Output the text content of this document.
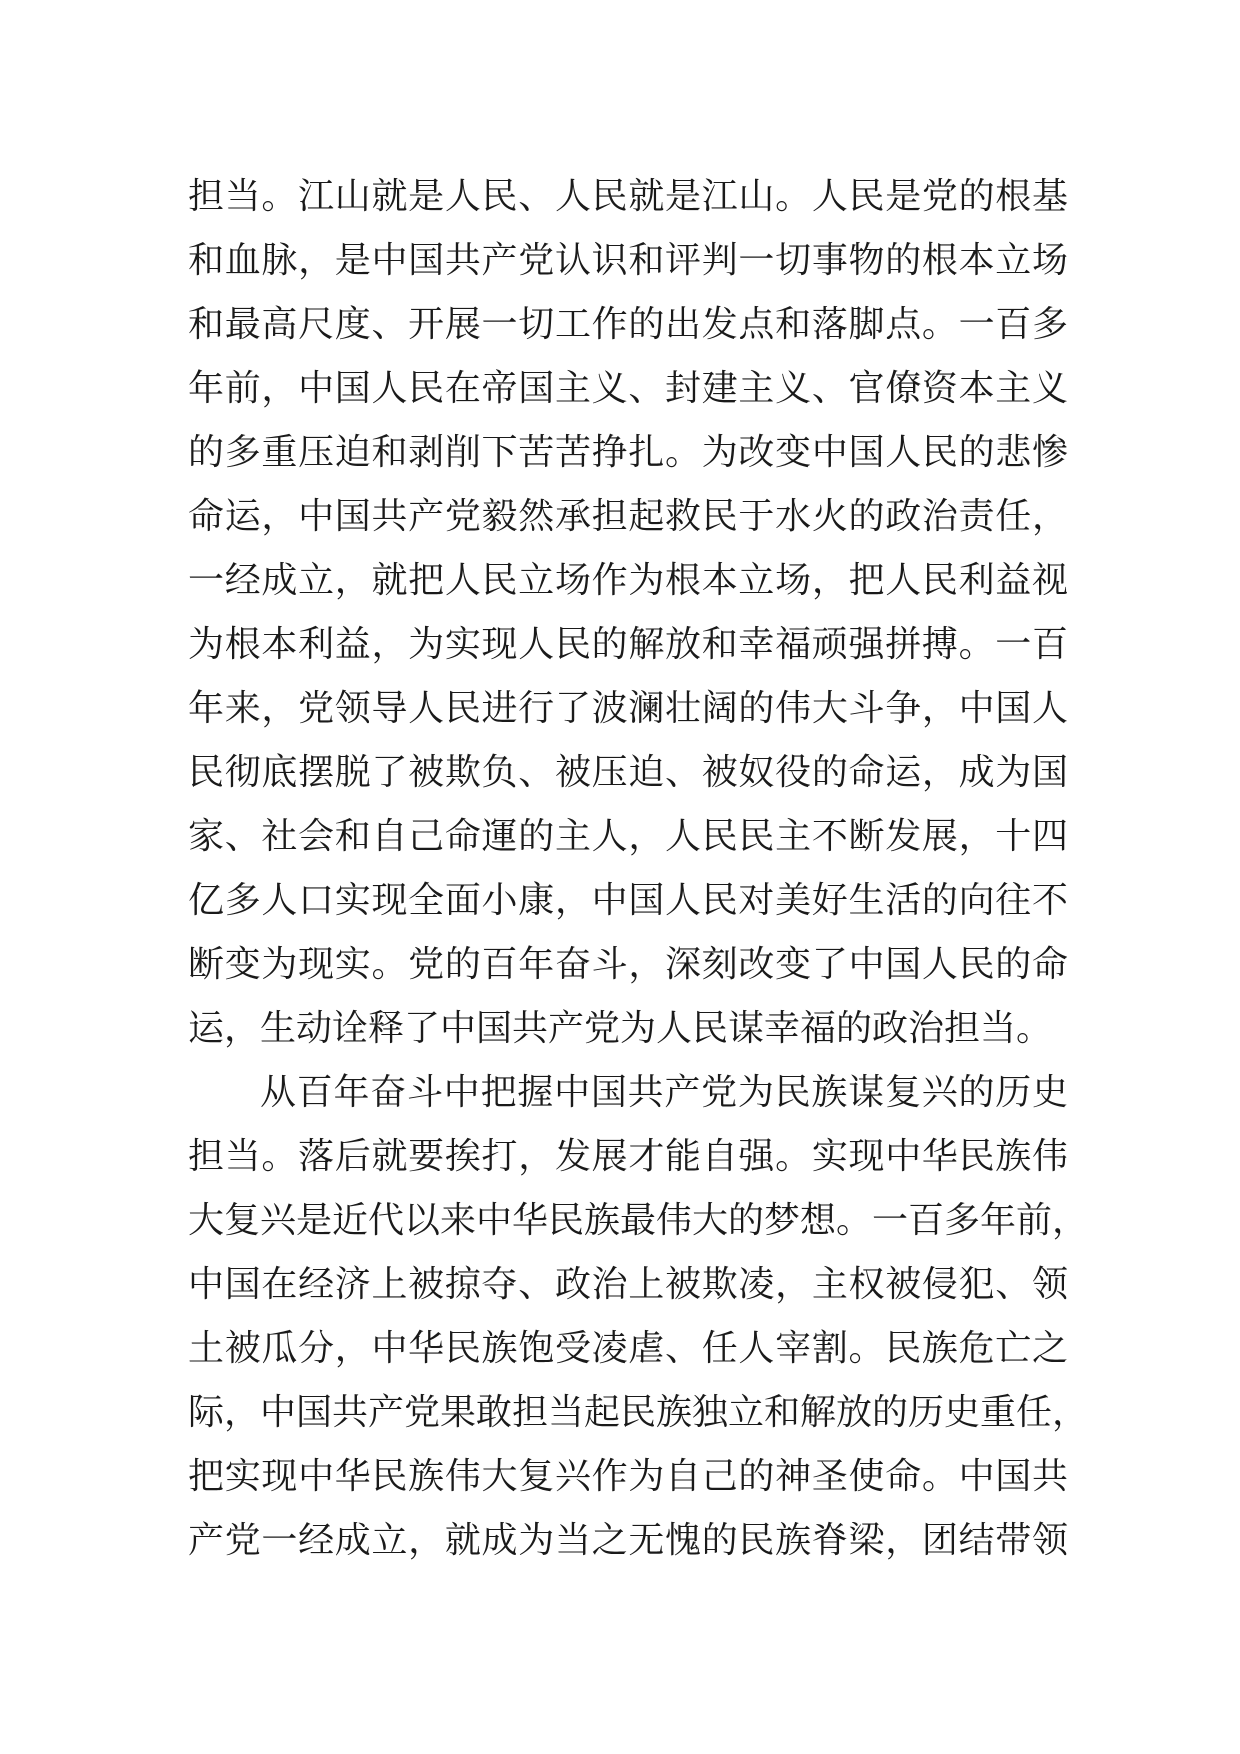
担当。江山就是人民、人民就是江山。人民是党的根基
和血脉，是中国共产党认识和评判一切事物的根本立场
和最高尺度、开展一切工作的出发点和落脚点。一百多
年前，中国人民在帝国主义、封建主义、官僚资本主义
的多重压迫和剥削下苦苦挣扎。为改变中国人民的悲惨
命运，中国共产党毅然承担起救民于水火的政治责任，
一经成立，就把人民立场作为根本立场，把人民利益视
为根本利益，为实现人民的解放和幸福顽强拼搏。一百
年来，党领导人民进行了波澜壮阔的伟大斗争，中国人
民彻底摆脱了被欺负、被压迫、被奴役的命运，成为国
家、社会和自己命運的主人，人民民主不断发展，十四
亿多人口实现全面小康，中国人民对美好生活的向往不
断变为现实。党的百年奋斗，深刻改变了中国人民的命
运，生动诠释了中国共产党为人民谋幸福的政治担当。
从百年奋斗中把握中国共产党为民族谋复兴的历史
担当。落后就要挨打，发展才能自强。实现中华民族伟
大复兴是近代以来中华民族最伟大的梦想。一百多年前，
中国在经济上被掠夺、政治上被欺凌，主权被侵犯、领
土被瓜分，中华民族饱受凌虐、任人宰割。民族危亡之
际，中国共产党果敢担当起民族独立和解放的历史重任，
把实现中华民族伟大复兴作为自己的神圣使命。中国共
产党一经成立，就成为当之无愧的民族脊梁，团结带领
